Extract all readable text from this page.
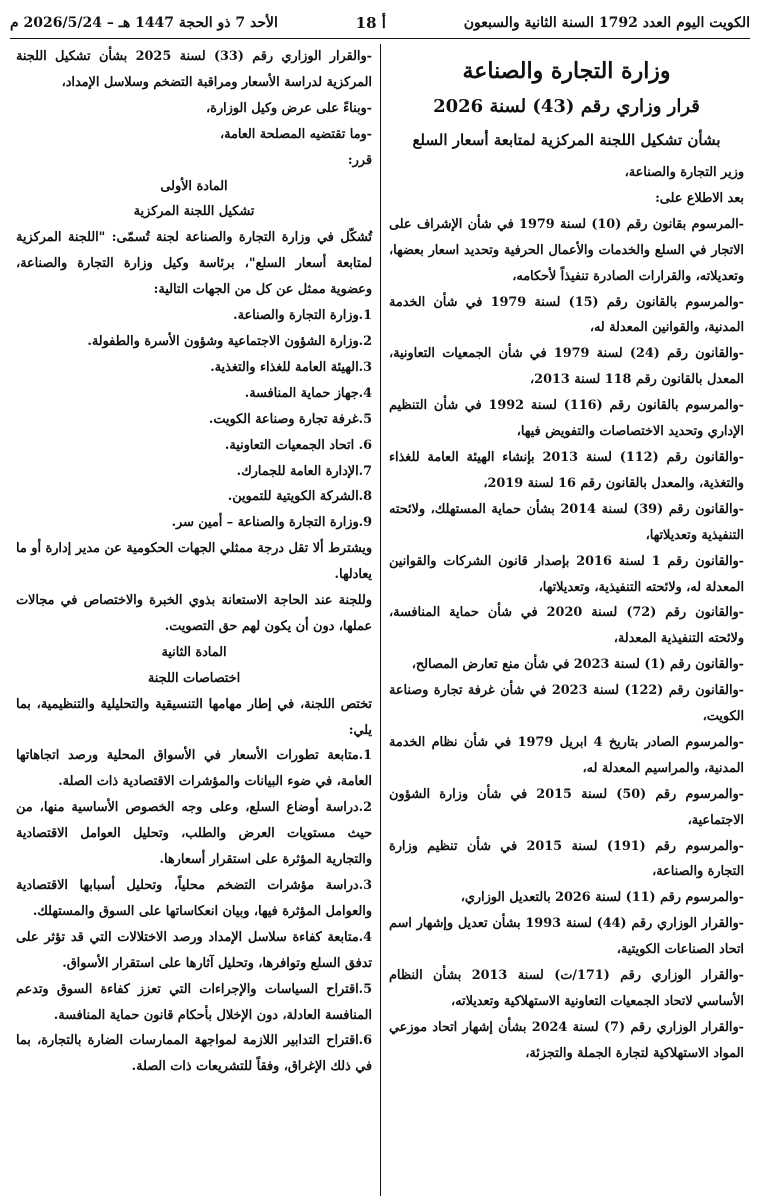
الكويت اليوم العدد 1792 السنة الثانية والسبعون
أ 18
الأحد 7 ذو الحجة 1447 هـ – 2026/5/24 م
وزارة التجارة والصناعة
قرار وزاري رقم (43) لسنة 2026
بشأن تشكيل اللجنة المركزية لمتابعة أسعار السلع

وزير التجارة والصناعة،

بعد الاطلاع على:

-المرسوم بقانون رقم (10) لسنة 1979 في شأن الإشراف على الاتجار في السلع والخدمات والأعمال الحرفية وتحديد اسعار بعضها، وتعديلاته، والقرارات الصادرة تنفيذاً لأحكامه،

-والمرسوم بالقانون رقم (15) لسنة 1979 في شأن الخدمة المدنية، والقوانين المعدلة له،

-والقانون رقم (24) لسنة 1979 في شأن الجمعيات التعاونية، المعدل بالقانون رقم 118 لسنة 2013،

-والمرسوم بالقانون رقم (116) لسنة 1992 في شأن التنظيم الإداري وتحديد الاختصاصات والتفويض فيها،

-والقانون رقم (112) لسنة 2013 بإنشاء الهيئة العامة للغذاء والتغذية، والمعدل بالقانون رقم 16 لسنة 2019،

-والقانون رقم (39) لسنة 2014 بشأن حماية المستهلك، ولائحته التنفيذية وتعديلاتها،

-والقانون رقم 1 لسنة 2016 بإصدار قانون الشركات والقوانين المعدلة له، ولائحته التنفيذية، وتعديلاتها،

-والقانون رقم (72) لسنة 2020 في شأن حماية المنافسة، ولائحته التنفيذية المعدلة،

-والقانون رقم (1) لسنة 2023 في شأن منع تعارض المصالح،

-والقانون رقم (122) لسنة 2023 في شأن غرفة تجارة وصناعة الكويت،

-والمرسوم الصادر بتاريخ 4 ابريل 1979 في شأن نظام الخدمة المدنية، والمراسيم المعدلة له،

-والمرسوم رقم (50) لسنة 2015 في شأن وزارة الشؤون الاجتماعية،

-والمرسوم رقم (191) لسنة 2015 في شأن تنظيم وزارة التجارة والصناعة،

-والمرسوم رقم (11) لسنة 2026 بالتعديل الوزاري،

-والقرار الوزاري رقم (44) لسنة 1993 بشأن تعديل وإشهار اسم اتحاد الصناعات الكويتية،

-والقرار الوزاري رقم (171/ت) لسنة 2013 بشأن النظام الأساسي لاتحاد الجمعيات التعاونية الاستهلاكية وتعديلاته،

-والقرار الوزاري رقم (7) لسنة 2024 بشأن إشهار اتحاد موزعي المواد الاستهلاكية لتجارة الجملة والتجزئة،

-والقرار الوزاري رقم (33) لسنة 2025 بشأن تشكيل اللجنة المركزية لدراسة الأسعار ومراقبة التضخم وسلاسل الإمداد،

-وبناءً على عرض وكيل الوزارة،

-وما تقتضيه المصلحة العامة،

قرر:

المادة الأولى

تشكيل اللجنة المركزية

تُشكّل في وزارة التجارة والصناعة لجنة تُسمّى: "اللجنة المركزية لمتابعة أسعار السلع"، برئاسة وكيل وزارة التجارة والصناعة، وعضوية ممثل عن كل من الجهات التالية:

1.وزارة التجارة والصناعة.

2.وزارة الشؤون الاجتماعية وشؤون الأسرة والطفولة.

3.الهيئة العامة للغذاء والتغذية.

4.جهاز حماية المنافسة.

5.غرفة تجارة وصناعة الكويت.

6. اتحاد الجمعيات التعاونية.

7.الإدارة العامة للجمارك.

8.الشركة الكويتية للتموين.

9.وزارة التجارة والصناعة – أمين سر.

ويشترط ألا تقل درجة ممثلي الجهات الحكومية عن مدير إدارة أو ما يعادلها.

وللجنة عند الحاجة الاستعانة بذوي الخبرة والاختصاص في مجالات عملها، دون أن يكون لهم حق التصويت.

المادة الثانية

اختصاصات اللجنة

تختص اللجنة، في إطار مهامها التنسيقية والتحليلية والتنظيمية، بما يلي:

1.متابعة تطورات الأسعار في الأسواق المحلية ورصد اتجاهاتها العامة، في ضوء البيانات والمؤشرات الاقتصادية ذات الصلة.

2.دراسة أوضاع السلع، وعلى وجه الخصوص الأساسية منها، من حيث مستويات العرض والطلب، وتحليل العوامل الاقتصادية والتجارية المؤثرة على استقرار أسعارها.

3.دراسة مؤشرات التضخم محلياً، وتحليل أسبابها الاقتصادية والعوامل المؤثرة فيها، وبيان انعكاساتها على السوق والمستهلك.

4.متابعة كفاءة سلاسل الإمداد ورصد الاختلالات التي قد تؤثر على تدفق السلع وتوافرها، وتحليل آثارها على استقرار الأسواق.

5.اقتراح السياسات والإجراءات التي تعزز كفاءة السوق وتدعم المنافسة العادلة، دون الإخلال بأحكام قانون حماية المنافسة.

6.اقتراح التدابير اللازمة لمواجهة الممارسات الضارة بالتجارة، بما في ذلك الإغراق، وفقاً للتشريعات ذات الصلة.
